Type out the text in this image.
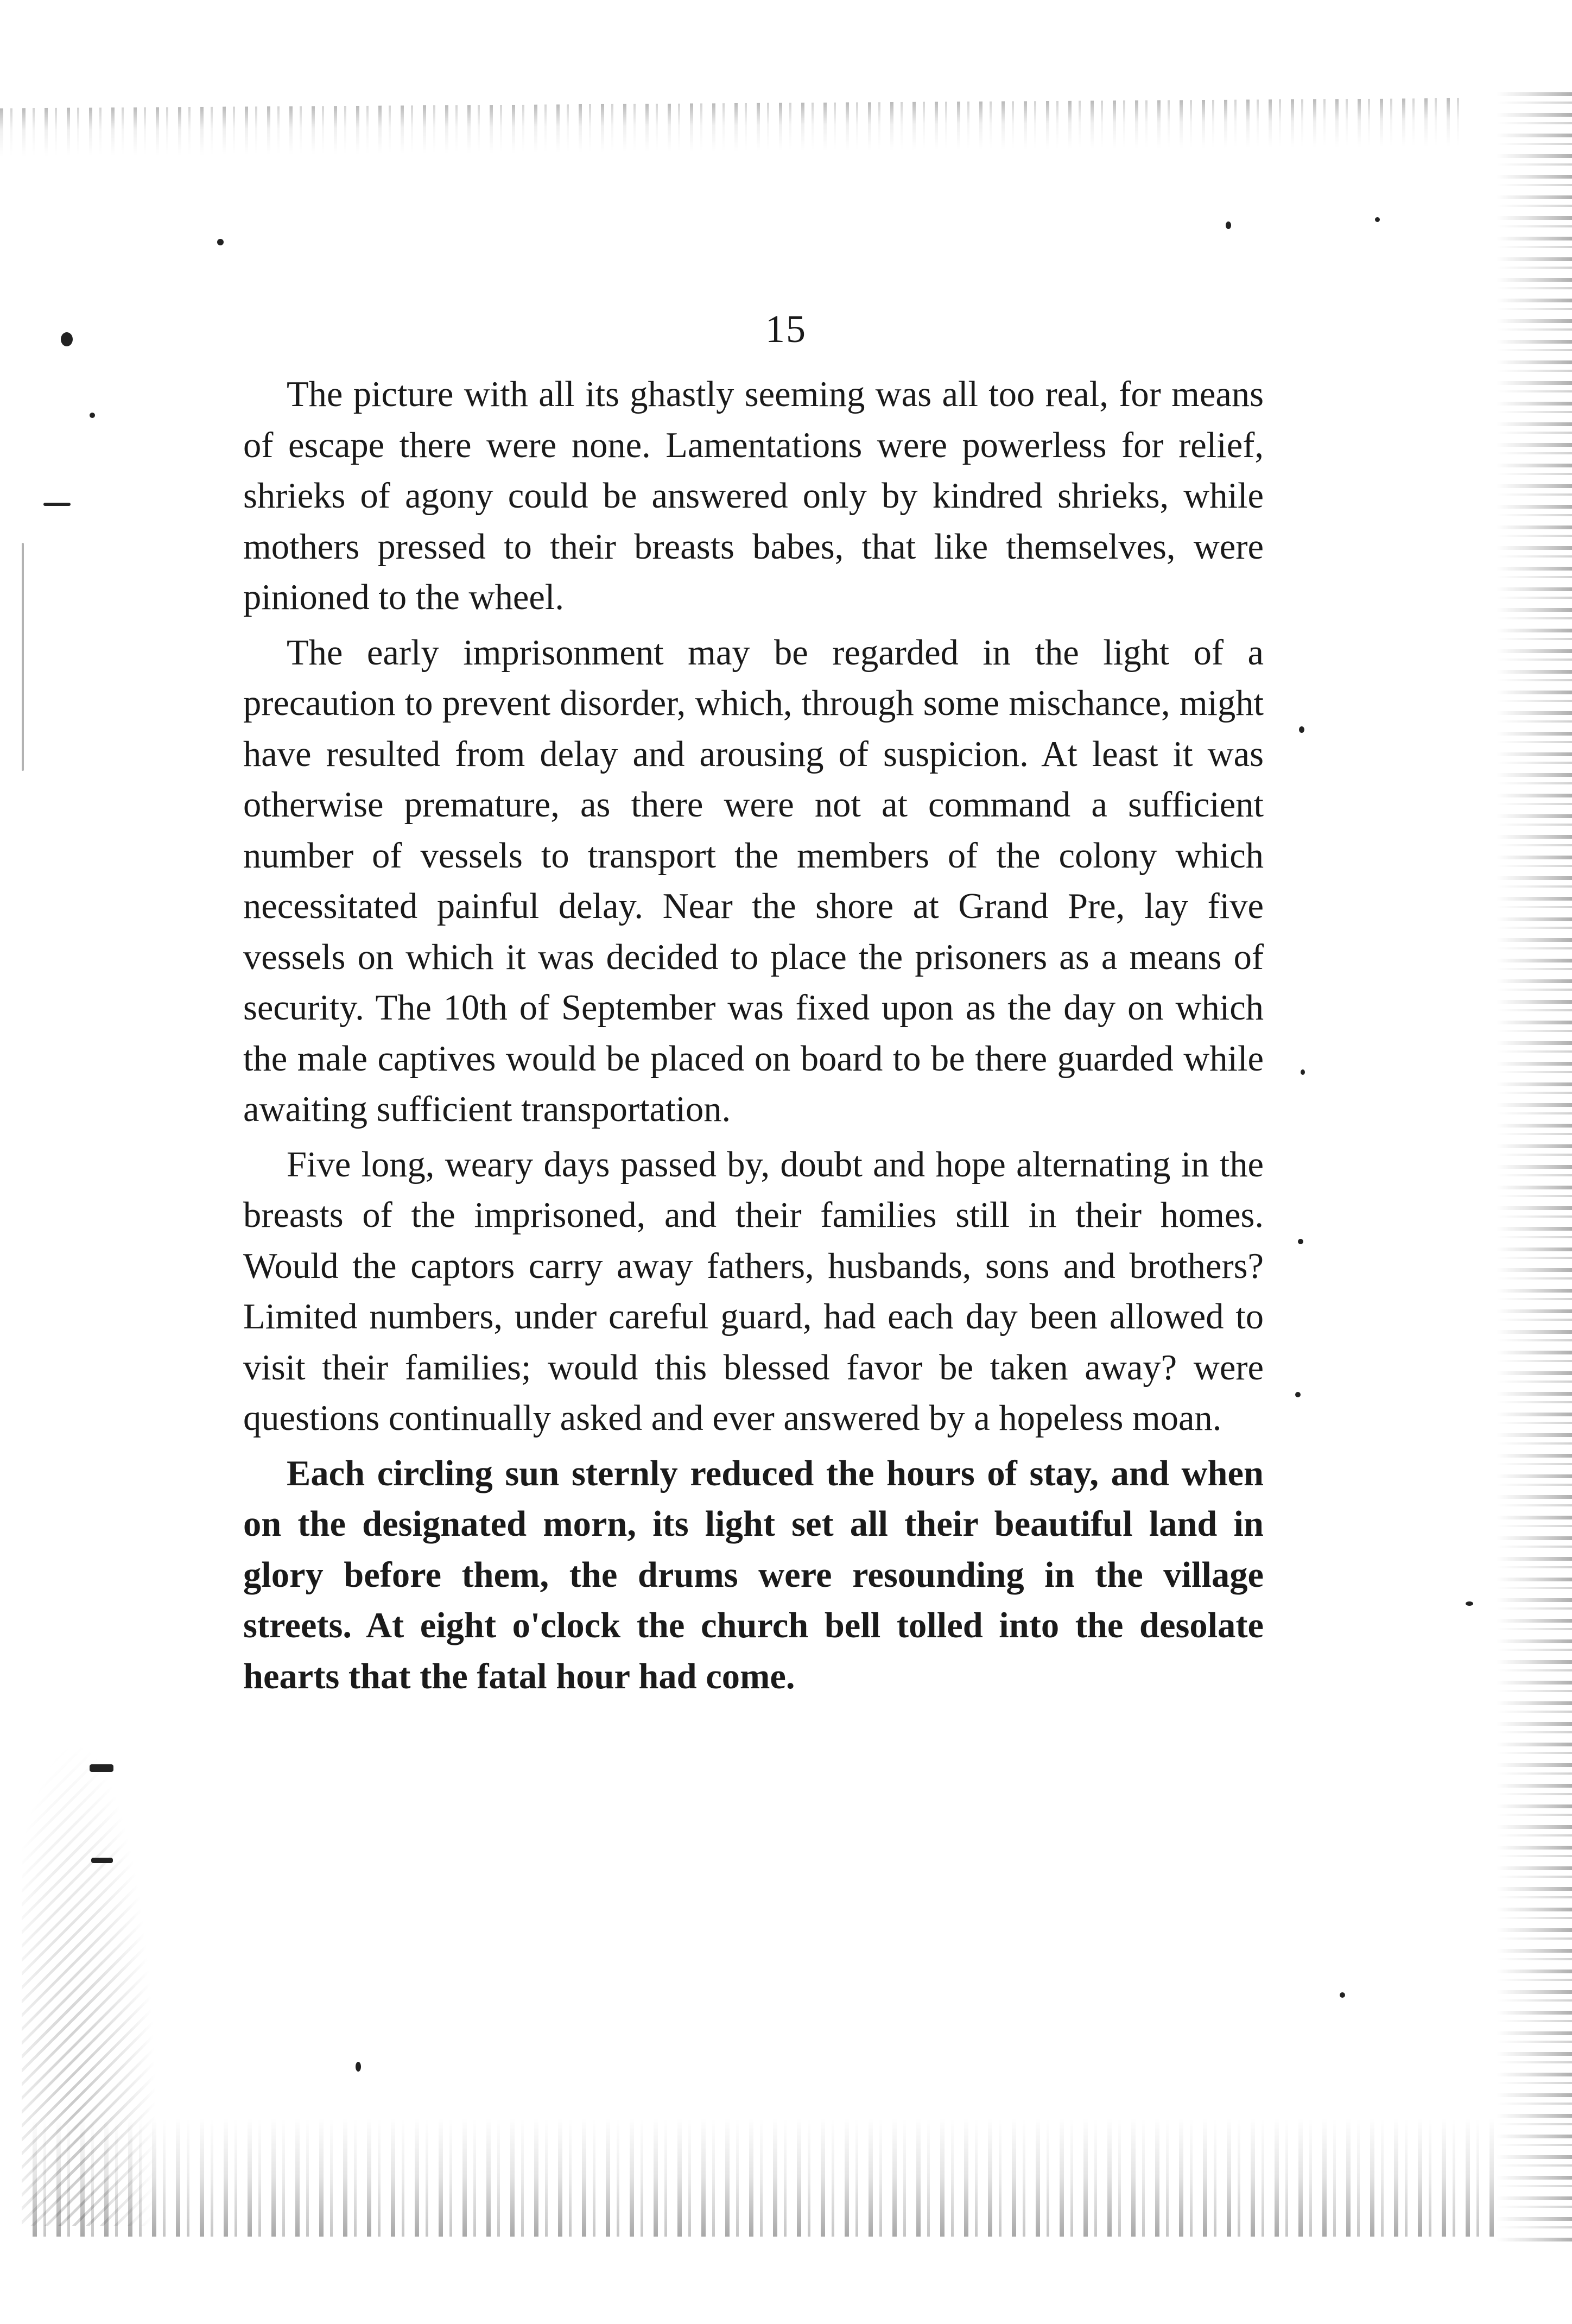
15

The picture with all its ghastly seeming was all too real, for means of escape there were none. Lamentations were powerless for relief, shrieks of agony could be answered only by kindred shrieks, while mothers pressed to their breasts babes, that like themselves, were pinioned to the wheel.

The early imprisonment may be regarded in the light of a precaution to prevent disorder, which, through some mischance, might have resulted from delay and arousing of suspicion. At least it was otherwise premature, as there were not at command a sufficient number of vessels to transport the members of the colony which necessitated painful delay. Near the shore at Grand Pre, lay five vessels on which it was decided to place the prisoners as a means of security. The 10th of September was fixed upon as the day on which the male captives would be placed on board to be there guarded while awaiting sufficient transportation.

Five long, weary days passed by, doubt and hope alternating in the breasts of the imprisoned, and their families still in their homes. Would the captors carry away fathers, husbands, sons and brothers? Limited numbers, under careful guard, had each day been allowed to visit their families; would this blessed favor be taken away? were questions continually asked and ever answered by a hopeless moan.

Each circling sun sternly reduced the hours of stay, and when on the designated morn, its light set all their beautiful land in glory before them, the drums were resounding in the village streets. At eight o'clock the church bell tolled into the desolate hearts that the fatal hour had come.
